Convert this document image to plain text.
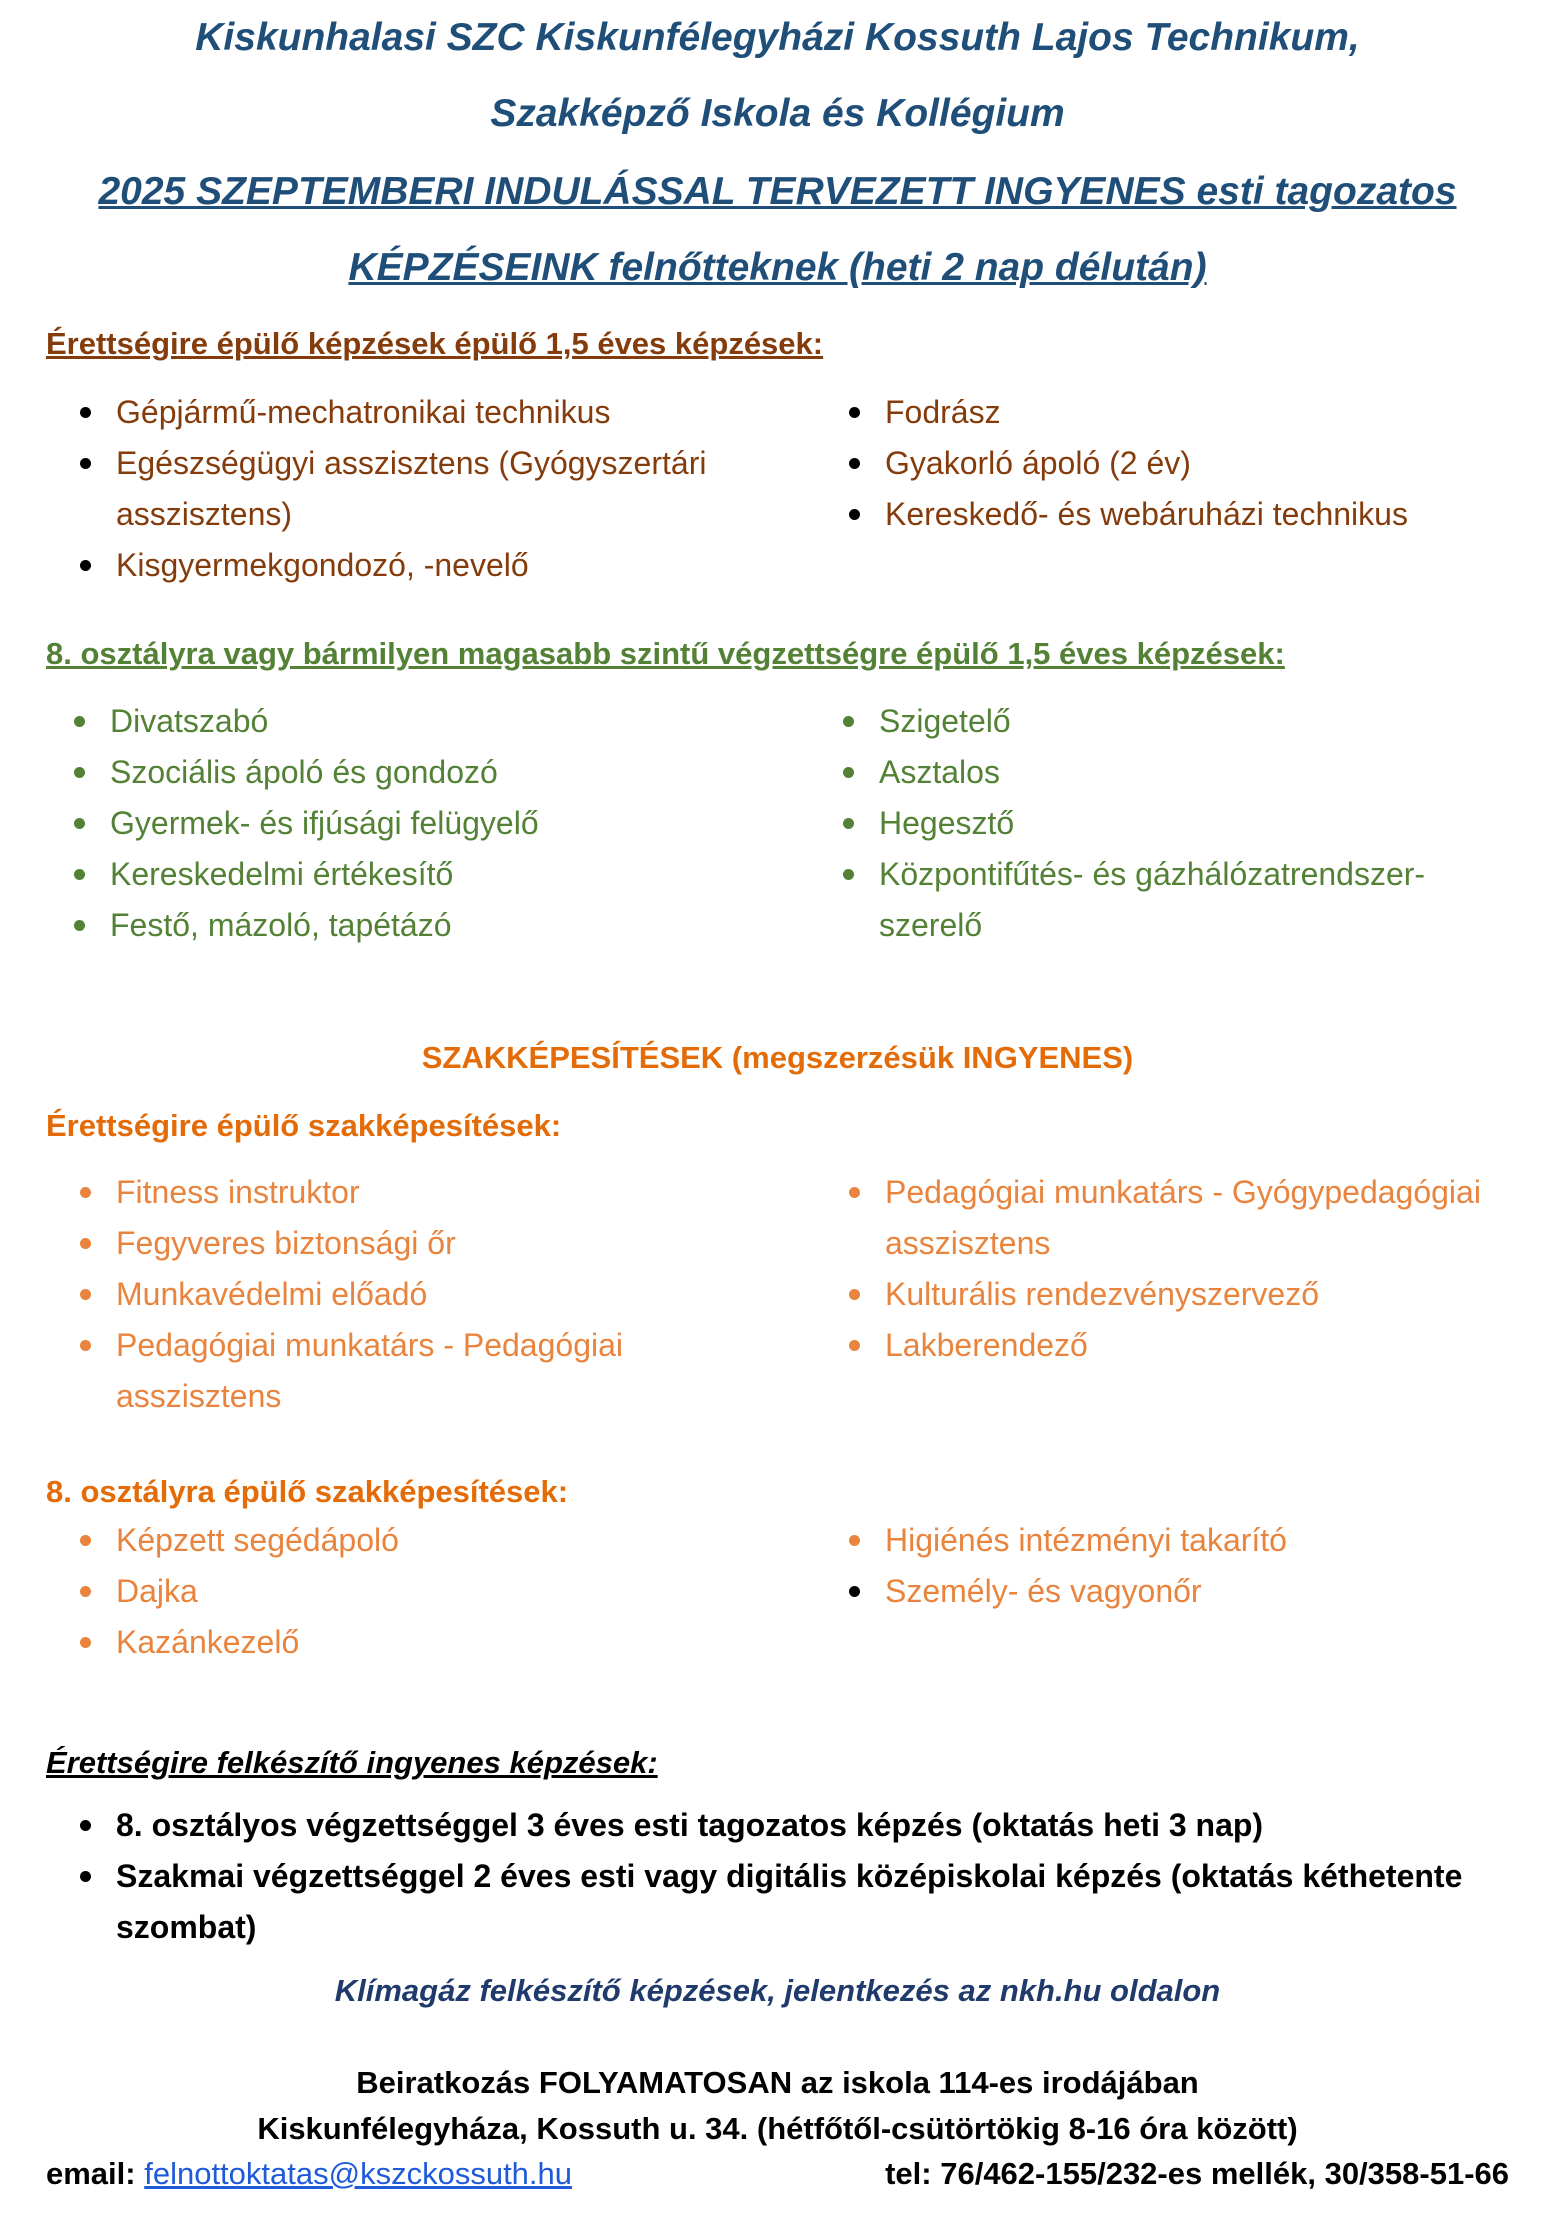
Kiskunhalasi SZC Kiskunfélegyházi Kossuth Lajos Technikum,

Szakképző Iskola és Kollégium

2025 SZEPTEMBERI INDULÁSSAL TERVEZETT INGYENES esti tagozatos

KÉPZÉSEINK felnőtteknek (heti 2 nap délután)

Érettségire épülő képzések épülő 1,5 éves képzések:

Gépjármű-mechatronikai technikus
Egészségügyi asszisztens (Gyógyszertári asszisztens)
Kisgyermekgondozó, -nevelő
Fodrász
Gyakorló ápoló (2 év)
Kereskedő- és webáruházi technikus

8. osztályra vagy bármilyen magasabb szintű végzettségre épülő 1,5 éves képzések:

Divatszabó
Szociális ápoló és gondozó
Gyermek- és ifjúsági felügyelő
Kereskedelmi értékesítő
Festő, mázoló, tapétázó
Szigetelő
Asztalos
Hegesztő
Központifűtés- és gázhálózatrendszer-szerelő

SZAKKÉPESÍTÉSEK (megszerzésük INGYENES)

Érettségire épülő szakképesítések:

Fitness instruktor
Fegyveres biztonsági őr
Munkavédelmi előadó
Pedagógiai munkatárs - Pedagógiai asszisztens
Pedagógiai munkatárs - Gyógypedagógiai asszisztens
Kulturális rendezvényszervező
Lakberendező

8. osztályra épülő szakképesítések:

Képzett segédápoló
Dajka
Kazánkezelő
Higiénés intézményi takarító
Személy- és vagyonőr

Érettségire felkészítő ingyenes képzések:

8. osztályos végzettséggel 3 éves esti tagozatos képzés (oktatás heti 3 nap)
Szakmai végzettséggel 2 éves esti vagy digitális középiskolai képzés (oktatás kéthetente szombat)

Klímagáz felkészítő képzések, jelentkezés az nkh.hu oldalon

Beiratkozás FOLYAMATOSAN az iskola 114-es irodájában

Kiskunfélegyháza, Kossuth u. 34. (hétfőtől-csütörtökig 8-16 óra között)

email: felnottoktatas@kszckossuth.hu	tel: 76/462-155/232-es mellék, 30/358-51-66
